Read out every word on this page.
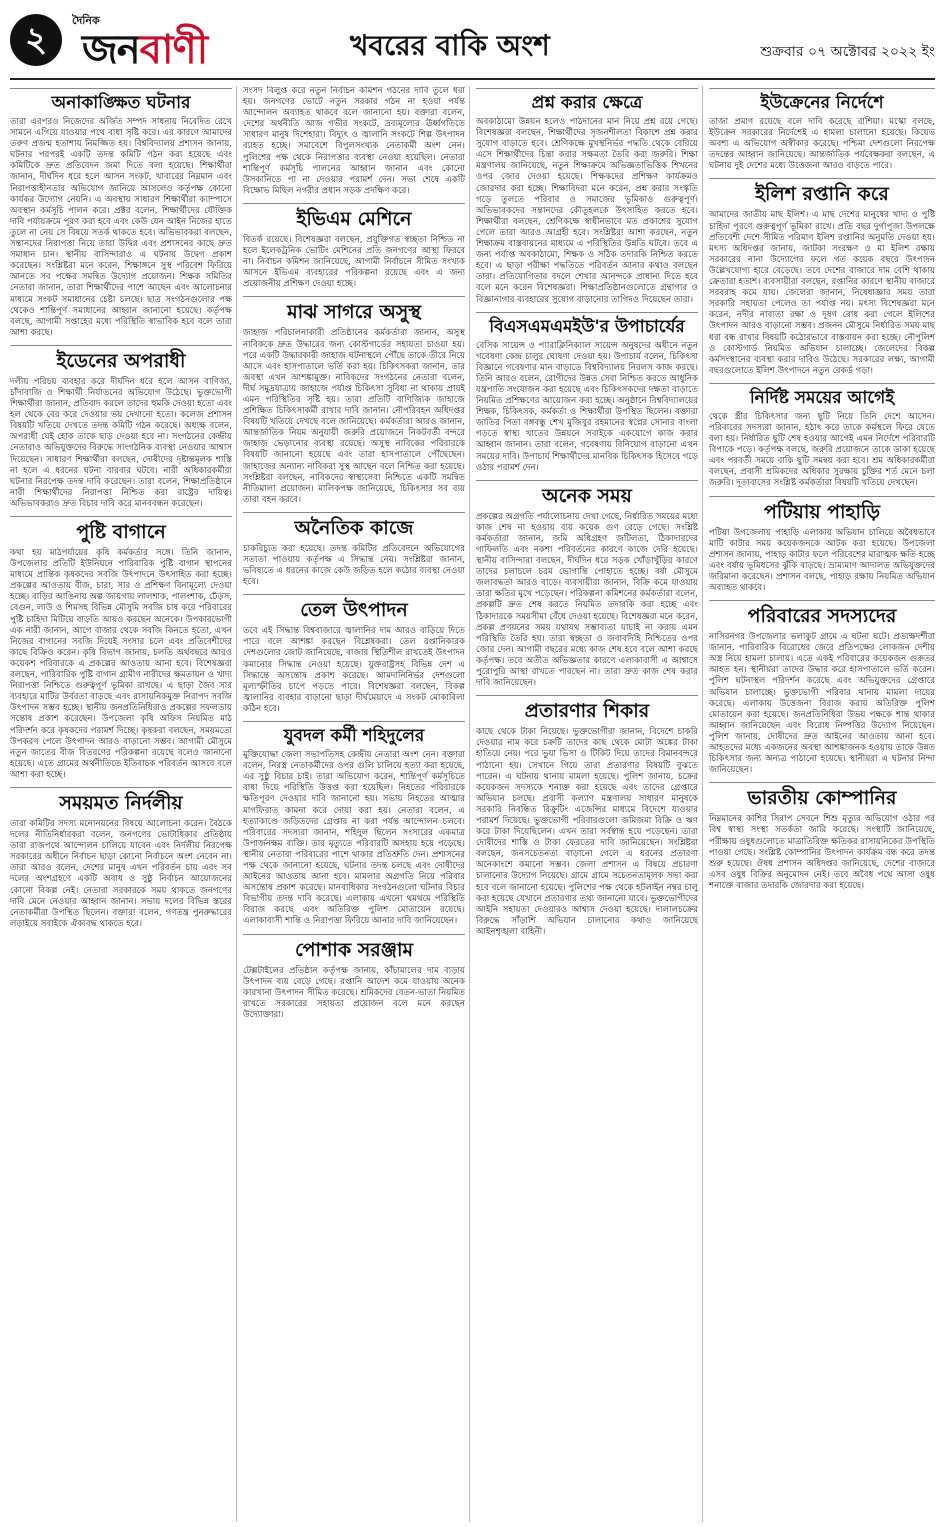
২	দৈনিক
জনবাণী	খবরের বাকি অংশ	শুক্রবার ০৭ অক্টোবর ২০২২ ইং
অনাকাঙ্ক্ষিত ঘটনার

তারা এরপরও নিজেদের অর্জিত সম্পদ সাধনায় নিবেদিত রেখে সামনে এগিয়ে যাওয়ার পথে বাধা সৃষ্টি করে। এর কারণে আমাদের তরুণ প্রজন্ম হতাশায় নিমজ্জিত হয়। বিশ্ববিদ্যালয় প্রশাসন জানায়, ঘটনার পরপরই একটি তদন্ত কমিটি গঠন করা হয়েছে এবং কমিটিকে দ্রুত প্রতিবেদন জমা দিতে বলা হয়েছে। শিক্ষার্থীরা জানান, দীর্ঘদিন ধরে হলে আসন সংকট, খাবারের নিম্নমান এবং নিরাপত্তাহীনতার অভিযোগ জানিয়ে আসলেও কর্তৃপক্ষ কোনো কার্যকর উদ্যোগ নেয়নি। এ অবস্থায় সাধারণ শিক্ষার্থীরা ক্যাম্পাসে অবস্থান কর্মসূচি পালন করে। প্রক্টর বলেন, শিক্ষার্থীদের যৌক্তিক দাবি পর্যায়ক্রমে পূরণ করা হবে এবং কেউ যেন আইন নিজের হাতে তুলে না নেয় সে বিষয়ে সতর্ক থাকতে হবে। অভিভাবকরা বলছেন, সন্তানদের নিরাপত্তা নিয়ে তারা উদ্বিগ্ন এবং প্রশাসনের কাছে দ্রুত সমাধান চান। স্থানীয় বাসিন্দারাও এ ঘটনায় উদ্বেগ প্রকাশ করেছেন। সংশ্লিষ্টরা মনে করেন, শিক্ষাঙ্গনে সুস্থ পরিবেশ ফিরিয়ে আনতে সব পক্ষের সমন্বিত উদ্যোগ প্রয়োজন। শিক্ষক সমিতির নেতারা জানান, তারা শিক্ষার্থীদের পাশে আছেন এবং আলোচনার মাধ্যমে সংকট সমাধানের চেষ্টা চলছে। ছাত্র সংগঠনগুলোর পক্ষ থেকেও শান্তিপূর্ণ সমাধানের আহ্বান জানানো হয়েছে। কর্তৃপক্ষ বলছে, আগামী সপ্তাহের মধ্যে পরিস্থিতি স্বাভাবিক হবে বলে তারা আশা করছে।

ইডেনের অপরাধী

দলীয় পরিচয় ব্যবহার করে দীর্ঘদিন ধরে হলে আসন বাণিজ্য, চাঁদাবাজি ও শিক্ষার্থী নির্যাতনের অভিযোগ উঠেছে। ভুক্তভোগী শিক্ষার্থীরা জানান, প্রতিবাদ করলে তাদের হুমকি দেওয়া হতো এবং হল থেকে বের করে দেওয়ার ভয় দেখানো হতো। কলেজ প্রশাসন বিষয়টি খতিয়ে দেখতে তদন্ত কমিটি গঠন করেছে। অধ্যক্ষ বলেন, অপরাধী যেই হোক তাকে ছাড় দেওয়া হবে না। সংগঠনের কেন্দ্রীয় নেতারাও অভিযুক্তদের বিরুদ্ধে সাংগঠনিক ব্যবস্থা নেওয়ার আশ্বাস দিয়েছেন। সাধারণ শিক্ষার্থীরা বলছেন, দোষীদের দৃষ্টান্তমূলক শাস্তি না হলে এ ধরনের ঘটনা বারবার ঘটবে। নারী অধিকারকর্মীরা ঘটনার নিরপেক্ষ তদন্ত দাবি করেছেন। তারা বলেন, শিক্ষাপ্রতিষ্ঠানে নারী শিক্ষার্থীদের নিরাপত্তা নিশ্চিত করা রাষ্ট্রের দায়িত্ব। অভিভাবকরাও দ্রুত বিচার দাবি করে মানববন্ধন করেছেন।

পুষ্টি বাগানে

কথা হয় মাঠপর্যায়ের কৃষি কর্মকর্তার সঙ্গে। তিনি জানান, উপজেলার প্রতিটি ইউনিয়নে পারিবারিক পুষ্টি বাগান স্থাপনের মাধ্যমে প্রান্তিক কৃষকদের সবজি উৎপাদনে উৎসাহিত করা হচ্ছে। প্রকল্পের আওতায় বীজ, চারা, সার ও প্রশিক্ষণ বিনামূল্যে দেওয়া হচ্ছে। বাড়ির আঙিনায় অল্প জায়গায় লালশাক, পালংশাক, ঢেঁড়স, বেগুন, লাউ ও শিমসহ বিভিন্ন মৌসুমি সবজি চাষ করে পরিবারের পুষ্টি চাহিদা মিটিয়ে বাড়তি আয়ও করছেন অনেকে। উপকারভোগী এক নারী জানান, আগে বাজার থেকে সবজি কিনতে হতো, এখন নিজের বাগানের সবজি দিয়েই সংসার চলে এবং প্রতিবেশীদের কাছে বিক্রিও করেন। কৃষি বিভাগ জানায়, চলতি অর্থবছরে আরও কয়েকশ পরিবারকে এ প্রকল্পের আওতায় আনা হবে। বিশেষজ্ঞরা বলছেন, পারিবারিক পুষ্টি বাগান গ্রামীণ নারীদের ক্ষমতায়ন ও খাদ্য নিরাপত্তা নিশ্চিতে গুরুত্বপূর্ণ ভূমিকা রাখছে। এ ছাড়া জৈব সার ব্যবহারে মাটির উর্বরতা বাড়ছে এবং রাসায়নিকমুক্ত নিরাপদ সবজি উৎপাদন সম্ভব হচ্ছে। স্থানীয় জনপ্রতিনিধিরাও প্রকল্পের সফলতায় সন্তোষ প্রকাশ করেছেন। উপজেলা কৃষি অফিস নিয়মিত মাঠ পরিদর্শন করে কৃষকদের পরামর্শ দিচ্ছে। কৃষকরা বলছেন, সময়মতো উপকরণ পেলে উৎপাদন আরও বাড়ানো সম্ভব। আগামী মৌসুমে নতুন জাতের বীজ বিতরণের পরিকল্পনা রয়েছে বলেও জানানো হয়েছে। এতে গ্রামের অর্থনীতিতে ইতিবাচক পরিবর্তন আসবে বলে আশা করা হচ্ছে।

সময়মত নির্দলীয়

তারা কমিটির সদস্য মনোনয়নের বিষয়ে আলোচনা করেন। বৈঠকে দলের নীতিনির্ধারকরা বলেন, জনগণের ভোটাধিকার প্রতিষ্ঠায় তারা রাজপথে আন্দোলন চালিয়ে যাবেন এবং নির্দলীয় নিরপেক্ষ সরকারের অধীনে নির্বাচন ছাড়া কোনো নির্বাচনে অংশ নেবেন না। তারা আরও বলেন, দেশের মানুষ এখন পরিবর্তন চায় এবং সব দলের অংশগ্রহণে একটি অবাধ ও সুষ্ঠু নির্বাচন আয়োজনের কোনো বিকল্প নেই। নেতারা সরকারকে সময় থাকতে জনগণের দাবি মেনে নেওয়ার আহ্বান জানান। সভায় দলের বিভিন্ন স্তরের নেতাকর্মীরা উপস্থিত ছিলেন। বক্তারা বলেন, গণতন্ত্র পুনরুদ্ধারের লড়াইয়ে সবাইকে ঐক্যবদ্ধ থাকতে হবে।

সংসদ বিলুপ্ত করে নতুন নির্বাচন কমিশন গঠনের দাবি তুলে ধরা হয়। জনগণের ভোটে নতুন সরকার গঠন না হওয়া পর্যন্ত আন্দোলন অব্যাহত থাকবে বলে জানানো হয়। বক্তারা বলেন, দেশের অর্থনীতি আজ গভীর সংকটে, দ্রব্যমূল্যের ঊর্ধ্বগতিতে সাধারণ মানুষ দিশেহারা। বিদ্যুৎ ও জ্বালানি সংকটে শিল্প উৎপাদন ব্যাহত হচ্ছে। সমাবেশে বিপুলসংখ্যক নেতাকর্মী অংশ নেন। পুলিশের পক্ষ থেকে নিরাপত্তার ব্যবস্থা নেওয়া হয়েছিল। নেতারা শান্তিপূর্ণ কর্মসূচি পালনের আহ্বান জানান এবং কোনো উসকানিতে পা না দেওয়ার পরামর্শ দেন। সভা শেষে একটি বিক্ষোভ মিছিল নগরীর প্রধান সড়ক প্রদক্ষিণ করে।

ইভিএম মেশিনে

বিতর্ক রয়েছে। বিশেষজ্ঞরা বলছেন, প্রযুক্তিগত স্বচ্ছতা নিশ্চিত না হলে ইলেকট্রনিক ভোটিং মেশিনের প্রতি জনগণের আস্থা ফিরবে না। নির্বাচন কমিশন জানিয়েছে, আগামী নির্বাচনে সীমিত সংখ্যক আসনে ইভিএম ব্যবহারের পরিকল্পনা রয়েছে এবং এ জন্য প্রয়োজনীয় প্রশিক্ষণ দেওয়া হচ্ছে।

মাঝ সাগরে অসুস্থ

জাহাজ পরিচালনাকারী প্রতিষ্ঠানের কর্মকর্তারা জানান, অসুস্থ নাবিককে দ্রুত উদ্ধারের জন্য কোস্টগার্ডের সহায়তা চাওয়া হয়। পরে একটি উদ্ধারকারী জাহাজ ঘটনাস্থলে পৌঁছে তাকে তীরে নিয়ে আসে এবং হাসপাতালে ভর্তি করা হয়। চিকিৎসকরা জানান, তার অবস্থা এখন আশঙ্কামুক্ত। নাবিকদের সংগঠনের নেতারা বলেন, দীর্ঘ সমুদ্রযাত্রায় জাহাজে পর্যাপ্ত চিকিৎসা সুবিধা না থাকায় প্রায়ই এমন পরিস্থিতির সৃষ্টি হয়। তারা প্রতিটি বাণিজ্যিক জাহাজে প্রশিক্ষিত চিকিৎসাকর্মী রাখার দাবি জানান। নৌপরিবহন অধিদপ্তর বিষয়টি খতিয়ে দেখছে বলে জানিয়েছে। কর্মকর্তারা আরও জানান, আন্তর্জাতিক নিয়ম অনুযায়ী জরুরি প্রয়োজনে নিকটবর্তী বন্দরে জাহাজ ভেড়ানোর ব্যবস্থা রয়েছে। অসুস্থ নাবিকের পরিবারকে বিষয়টি জানানো হয়েছে এবং তারা হাসপাতালে পৌঁছেছেন। জাহাজের অন্যান্য নাবিকরা সুস্থ আছেন বলে নিশ্চিত করা হয়েছে। সংশ্লিষ্টরা বলছেন, নাবিকদের স্বাস্থ্যসেবা নিশ্চিতে একটি সমন্বিত নীতিমালা প্রয়োজন। মালিকপক্ষ জানিয়েছে, চিকিৎসার সব ব্যয় তারা বহন করবে।

অনৈতিক কাজে

চাকরিচ্যুত করা হয়েছে। তদন্ত কমিটির প্রতিবেদনে অভিযোগের সত্যতা পাওয়ায় কর্তৃপক্ষ এ সিদ্ধান্ত নেয়। সংশ্লিষ্টরা জানান, ভবিষ্যতে এ ধরনের কাজে কেউ জড়িত হলে কঠোর ব্যবস্থা নেওয়া হবে।

তেল উৎপাদন

তবে এই সিদ্ধান্ত বিশ্ববাজারে জ্বালানির দাম আরও বাড়িয়ে দিতে পারে বলে আশঙ্কা করছেন বিশ্লেষকরা। তেল রপ্তানিকারক দেশগুলোর জোট জানিয়েছে, বাজার স্থিতিশীল রাখতেই উৎপাদন কমানোর সিদ্ধান্ত নেওয়া হয়েছে। যুক্তরাষ্ট্রসহ বিভিন্ন দেশ এ সিদ্ধান্তে অসন্তোষ প্রকাশ করেছে। আমদানিনির্ভর দেশগুলো মূল্যস্ফীতির চাপে পড়তে পারে। বিশেষজ্ঞরা বলছেন, বিকল্প জ্বালানির ব্যবহার বাড়ানো ছাড়া দীর্ঘমেয়াদে এ সংকট মোকাবিলা কঠিন হবে।

যুবদল কর্মী শহিদুলের

মুক্তিযোদ্ধা জেলা সভাপতিসহ কেন্দ্রীয় নেতারা অংশ নেন। বক্তারা বলেন, নিরস্ত্র নেতাকর্মীদের ওপর গুলি চালিয়ে হত্যা করা হয়েছে, এর সুষ্ঠু বিচার চাই। তারা অভিযোগ করেন, শান্তিপূর্ণ কর্মসূচিতে বাধা দিয়ে পরিস্থিতি উত্তপ্ত করা হয়েছিল। নিহতের পরিবারকে ক্ষতিপূরণ দেওয়ার দাবি জানানো হয়। সভায় নিহতের আত্মার মাগফিরাত কামনা করে দোয়া করা হয়। নেতারা বলেন, এ হত্যাকাণ্ডে জড়িতদের গ্রেপ্তার না করা পর্যন্ত আন্দোলন চলবে। পরিবারের সদস্যরা জানান, শহিদুল ছিলেন সংসারের একমাত্র উপার্জনক্ষম ব্যক্তি। তার মৃত্যুতে পরিবারটি অসহায় হয়ে পড়েছে। স্থানীয় নেতারা পরিবারের পাশে থাকার প্রতিশ্রুতি দেন। প্রশাসনের পক্ষ থেকে জানানো হয়েছে, ঘটনার তদন্ত চলছে এবং দোষীদের আইনের আওতায় আনা হবে। মামলার অগ্রগতি নিয়ে পরিবার অসন্তোষ প্রকাশ করেছে। মানবাধিকার সংগঠনগুলো ঘটনার বিচার বিভাগীয় তদন্ত দাবি করেছে। এলাকায় এখনো থমথমে পরিস্থিতি বিরাজ করছে এবং অতিরিক্ত পুলিশ মোতায়েন রয়েছে। এলাকাবাসী শান্তি ও নিরাপত্তা ফিরিয়ে আনার দাবি জানিয়েছেন।

পোশাক সরঞ্জাম

টেক্সটাইলের প্রতিষ্ঠান কর্তৃপক্ষ জানায়, কাঁচামালের দাম বাড়ায় উৎপাদন ব্যয় বেড়ে গেছে। রপ্তানি আদেশ কমে যাওয়ায় অনেক কারখানা উৎপাদন সীমিত করেছে। শ্রমিকদের বেতন-ভাতা নিয়মিত রাখতে সরকারের সহায়তা প্রয়োজন বলে মনে করছেন উদ্যোক্তারা।

প্রশ্ন করার ক্ষেত্রে

অবকাঠামো উন্নয়ন হলেও পাঠদানের মান নিয়ে প্রশ্ন রয়ে গেছে। বিশেষজ্ঞরা বলছেন, শিক্ষার্থীদের সৃজনশীলতা বিকাশে প্রশ্ন করার সুযোগ বাড়াতে হবে। শ্রেণিকক্ষে মুখস্থনির্ভর পদ্ধতি থেকে বেরিয়ে এসে শিক্ষার্থীদের চিন্তা করার সক্ষমতা তৈরি করা জরুরি। শিক্ষা মন্ত্রণালয় জানিয়েছে, নতুন শিক্ষাক্রমে অভিজ্ঞতাভিত্তিক শিখনের ওপর জোর দেওয়া হয়েছে। শিক্ষকদের প্রশিক্ষণ কার্যক্রমও জোরদার করা হচ্ছে। শিক্ষাবিদরা মনে করেন, প্রশ্ন করার সংস্কৃতি গড়ে তুলতে পরিবার ও সমাজের ভূমিকাও গুরুত্বপূর্ণ। অভিভাবকদের সন্তানদের কৌতূহলকে উৎসাহিত করতে হবে। শিক্ষার্থীরা বলছেন, শ্রেণিকক্ষে স্বাধীনভাবে মত প্রকাশের সুযোগ পেলে তারা আরও আগ্রহী হবে। সংশ্লিষ্টরা আশা করছেন, নতুন শিক্ষাক্রম বাস্তবায়নের মাধ্যমে এ পরিস্থিতির উন্নতি ঘটবে। তবে এ জন্য পর্যাপ্ত অবকাঠামো, শিক্ষক ও সঠিক তদারকি নিশ্চিত করতে হবে। এ ছাড়া পরীক্ষা পদ্ধতিতে পরিবর্তন আনার কথাও বলছেন তারা। প্রতিযোগিতার বদলে শেখার আনন্দকে প্রাধান্য দিতে হবে বলে মনে করেন বিশেষজ্ঞরা। শিক্ষাপ্রতিষ্ঠানগুলোতে গ্রন্থাগার ও বিজ্ঞানাগার ব্যবহারের সুযোগ বাড়ানোর তাগিদও দিয়েছেন তারা।

বিএসএমএমইউ'র উপাচার্যের

বেসিক সায়েন্স ও প্যারাক্লিনিক্যাল সায়েন্স অনুষদের অধীনে নতুন গবেষণা কেন্দ্র চালুর ঘোষণা দেওয়া হয়। উপাচার্য বলেন, চিকিৎসা বিজ্ঞানে গবেষণার মান বাড়াতে বিশ্ববিদ্যালয় নিরলস কাজ করছে। তিনি আরও বলেন, রোগীদের উন্নত সেবা নিশ্চিত করতে আধুনিক যন্ত্রপাতি সংযোজন করা হয়েছে এবং চিকিৎসকদের দক্ষতা বাড়াতে নিয়মিত প্রশিক্ষণের আয়োজন করা হচ্ছে। অনুষ্ঠানে বিশ্ববিদ্যালয়ের শিক্ষক, চিকিৎসক, কর্মকর্তা ও শিক্ষার্থীরা উপস্থিত ছিলেন। বক্তারা জাতির পিতা বঙ্গবন্ধু শেখ মুজিবুর রহমানের স্বপ্নের সোনার বাংলা গড়তে স্বাস্থ্য খাতের উন্নয়নে সবাইকে একযোগে কাজ করার আহ্বান জানান। তারা বলেন, গবেষণায় বিনিয়োগ বাড়ানো এখন সময়ের দাবি। উপাচার্য শিক্ষার্থীদের মানবিক চিকিৎসক হিসেবে গড়ে ওঠার পরামর্শ দেন।

অনেক সময়

প্রকল্পের অগ্রগতি পর্যালোচনায় দেখা গেছে, নির্ধারিত সময়ের মধ্যে কাজ শেষ না হওয়ায় ব্যয় কয়েক গুণ বেড়ে গেছে। সংশ্লিষ্ট কর্মকর্তারা জানান, জমি অধিগ্রহণ জটিলতা, ঠিকাদারদের গাফিলতি এবং নকশা পরিবর্তনের কারণে কাজে দেরি হয়েছে। স্থানীয় বাসিন্দারা বলছেন, দীর্ঘদিন ধরে সড়ক খোঁড়াখুঁড়ির কারণে তাদের চলাচলে চরম ভোগান্তি পোহাতে হচ্ছে। বর্ষা মৌসুমে জলাবদ্ধতা আরও বাড়ে। ব্যবসায়ীরা জানান, বিক্রি কমে যাওয়ায় তারা ক্ষতির মুখে পড়েছেন। পরিকল্পনা কমিশনের কর্মকর্তারা বলেন, প্রকল্পটি দ্রুত শেষ করতে নিয়মিত তদারকি করা হচ্ছে এবং ঠিকাদারকে সময়সীমা বেঁধে দেওয়া হয়েছে। বিশেষজ্ঞরা মনে করেন, প্রকল্প প্রণয়নের সময় যথাযথ সম্ভাব্যতা যাচাই না করায় এমন পরিস্থিতি তৈরি হয়। তারা স্বচ্ছতা ও জবাবদিহি নিশ্চিতের ওপর জোর দেন। আগামী বছরের মধ্যে কাজ শেষ হবে বলে আশা করছে কর্তৃপক্ষ। তবে অতীত অভিজ্ঞতার কারণে এলাকাবাসী এ আশ্বাসে পুরোপুরি আস্থা রাখতে পারছেন না। তারা দ্রুত কাজ শেষ করার দাবি জানিয়েছেন।

প্রতারণার শিকার

কাছে থেকে টাকা নিয়েছে। ভুক্তভোগীরা জানান, বিদেশে চাকরি দেওয়ার নাম করে চক্রটি তাদের কাছ থেকে মোটা অঙ্কের টাকা হাতিয়ে নেয়। পরে ভুয়া ভিসা ও টিকিট দিয়ে তাদের বিমানবন্দরে পাঠানো হয়। সেখানে গিয়ে তারা প্রতারণার বিষয়টি বুঝতে পারেন। এ ঘটনায় থানায় মামলা হয়েছে। পুলিশ জানায়, চক্রের কয়েকজন সদস্যকে শনাক্ত করা হয়েছে এবং তাদের গ্রেপ্তারে অভিযান চলছে। প্রবাসী কল্যাণ মন্ত্রণালয় সাধারণ মানুষকে সরকারি নিবন্ধিত রিক্রুটিং এজেন্সির মাধ্যমে বিদেশে যাওয়ার পরামর্শ দিয়েছে। ভুক্তভোগী পরিবারগুলো জমিজমা বিক্রি ও ঋণ করে টাকা দিয়েছিলেন। এখন তারা সর্বস্বান্ত হয়ে পড়েছেন। তারা দোষীদের শাস্তি ও টাকা ফেরতের দাবি জানিয়েছেন। সংশ্লিষ্টরা বলছেন, জনসচেতনতা বাড়ানো গেলে এ ধরনের প্রতারণা অনেকাংশে কমানো সম্ভব। জেলা প্রশাসন এ বিষয়ে প্রচারণা চালানোর উদ্যোগ নিয়েছে। গ্রামে গ্রামে সচেতনতামূলক সভা করা হবে বলে জানানো হয়েছে। পুলিশের পক্ষ থেকে হটলাইন নম্বর চালু করা হয়েছে যেখানে প্রতারণার তথ্য জানানো যাবে। ভুক্তভোগীদের আইনি সহায়তা দেওয়ারও আশ্বাস দেওয়া হয়েছে। দালালচক্রের বিরুদ্ধে সাঁড়াশি অভিযান চালানোর কথাও জানিয়েছে আইনশৃঙ্খলা বাহিনী।

ইউক্রেনের নির্দেশে

তাজা প্রমাণ রয়েছে বলে দাবি করেছে রাশিয়া। মস্কো বলছে, ইউক্রেন সরকারের নির্দেশেই এ হামলা চালানো হয়েছে। কিয়েভ অবশ্য এ অভিযোগ অস্বীকার করেছে। পশ্চিমা দেশগুলো নিরপেক্ষ তদন্তের আহ্বান জানিয়েছে। আন্তর্জাতিক পর্যবেক্ষকরা বলছেন, এ ঘটনায় দুই দেশের মধ্যে উত্তেজনা আরও বাড়তে পারে।

ইলিশ রপ্তানি করে

আমাদের জাতীয় মাছ ইলিশ। এ মাছ দেশের মানুষের খাদ্য ও পুষ্টি চাহিদা পূরণে গুরুত্বপূর্ণ ভূমিকা রাখে। প্রতি বছর দুর্গাপূজা উপলক্ষে প্রতিবেশী দেশে সীমিত পরিমাণ ইলিশ রপ্তানির অনুমতি দেওয়া হয়। মৎস্য অধিদপ্তর জানায়, জাটকা সংরক্ষণ ও মা ইলিশ রক্ষায় সরকারের নানা উদ্যোগের ফলে গত কয়েক বছরে উৎপাদন উল্লেখযোগ্য হারে বেড়েছে। তবে দেশের বাজারে দাম বেশি থাকায় ক্রেতারা হতাশ। ব্যবসায়ীরা বলছেন, রপ্তানির কারণে স্থানীয় বাজারে সরবরাহ কমে যায়। জেলেরা জানান, নিষেধাজ্ঞার সময় তারা সরকারি সহায়তা পেলেও তা পর্যাপ্ত নয়। মৎস্য বিশেষজ্ঞরা মনে করেন, নদীর নাব্যতা রক্ষা ও দূষণ রোধ করা গেলে ইলিশের উৎপাদন আরও বাড়ানো সম্ভব। প্রজনন মৌসুমে নির্ধারিত সময় মাছ ধরা বন্ধ রাখার বিষয়টি কঠোরভাবে বাস্তবায়ন করা হচ্ছে। নৌপুলিশ ও কোস্টগার্ড নিয়মিত অভিযান চালাচ্ছে। জেলেদের বিকল্প কর্মসংস্থানের ব্যবস্থা করার দাবিও উঠেছে। সরকারের লক্ষ্য, আগামী বছরগুলোতে ইলিশ উৎপাদনে নতুন রেকর্ড গড়া।

নির্দিষ্ট সময়ের আগেই

থেকে স্ত্রীর চিকিৎসার জন্য ছুটি নিয়ে তিনি দেশে আসেন। পরিবারের সদস্যরা জানান, হঠাৎ করে তাকে কর্মস্থলে ফিরে যেতে বলা হয়। নির্ধারিত ছুটি শেষ হওয়ার আগেই এমন নির্দেশে পরিবারটি বিপাকে পড়ে। কর্তৃপক্ষ বলছে, জরুরি প্রয়োজনে তাকে ডাকা হয়েছে এবং পরবর্তী সময়ে বাকি ছুটি সমন্বয় করা হবে। শ্রম অধিকারকর্মীরা বলছেন, প্রবাসী শ্রমিকদের অধিকার সুরক্ষায় চুক্তির শর্ত মেনে চলা জরুরি। দূতাবাসের সংশ্লিষ্ট কর্মকর্তারা বিষয়টি খতিয়ে দেখছেন।

পটিয়ায় পাহাড়ি

পটিয়া উপজেলায় পাহাড়ি এলাকায় অভিযান চালিয়ে অবৈধভাবে মাটি কাটার সময় কয়েকজনকে আটক করা হয়েছে। উপজেলা প্রশাসন জানায়, পাহাড় কাটার ফলে পরিবেশের মারাত্মক ক্ষতি হচ্ছে এবং বর্ষায় ভূমিধসের ঝুঁকি বাড়ছে। ভ্রাম্যমাণ আদালত অভিযুক্তদের জরিমানা করেছেন। প্রশাসন বলছে, পাহাড় রক্ষায় নিয়মিত অভিযান অব্যাহত থাকবে।

পরিবারের সদস্যদের

নাসিরনগর উপজেলার ভলাকুট গ্রামে এ ঘটনা ঘটে। প্রত্যক্ষদর্শীরা জানান, পারিবারিক বিরোধের জেরে প্রতিপক্ষের লোকজন দেশীয় অস্ত্র নিয়ে হামলা চালায়। এতে একই পরিবারের কয়েকজন গুরুতর আহত হন। স্থানীয়রা তাদের উদ্ধার করে হাসপাতালে ভর্তি করেন। পুলিশ ঘটনাস্থল পরিদর্শন করেছে এবং অভিযুক্তদের গ্রেপ্তারে অভিযান চালাচ্ছে। ভুক্তভোগী পরিবার থানায় মামলা দায়ের করেছে। এলাকায় উত্তেজনা বিরাজ করায় অতিরিক্ত পুলিশ মোতায়েন করা হয়েছে। জনপ্রতিনিধিরা উভয় পক্ষকে শান্ত থাকার আহ্বান জানিয়েছেন এবং বিরোধ নিষ্পত্তির উদ্যোগ নিয়েছেন। পুলিশ জানায়, দোষীদের দ্রুত আইনের আওতায় আনা হবে। আহতদের মধ্যে একজনের অবস্থা আশঙ্কাজনক হওয়ায় তাকে উন্নত চিকিৎসার জন্য অন্যত্র পাঠানো হয়েছে। স্থানীয়রা এ ঘটনার নিন্দা জানিয়েছেন।

ভারতীয় কোম্পানির

নিম্নমানের কাশির সিরাপ সেবনে শিশু মৃত্যুর অভিযোগ ওঠার পর বিশ্ব স্বাস্থ্য সংস্থা সতর্কতা জারি করেছে। সংস্থাটি জানিয়েছে, পরীক্ষায় ওষুধগুলোতে মাত্রাতিরিক্ত ক্ষতিকর রাসায়নিকের উপস্থিতি পাওয়া গেছে। সংশ্লিষ্ট কোম্পানির উৎপাদন কার্যক্রম বন্ধ করে তদন্ত শুরু হয়েছে। ঔষধ প্রশাসন অধিদপ্তর জানিয়েছে, দেশের বাজারে এসব ওষুধ বিক্রির অনুমোদন নেই। তবে অবৈধ পথে আসা ওষুধ শনাক্তে বাজার তদারকি জোরদার করা হয়েছে।
